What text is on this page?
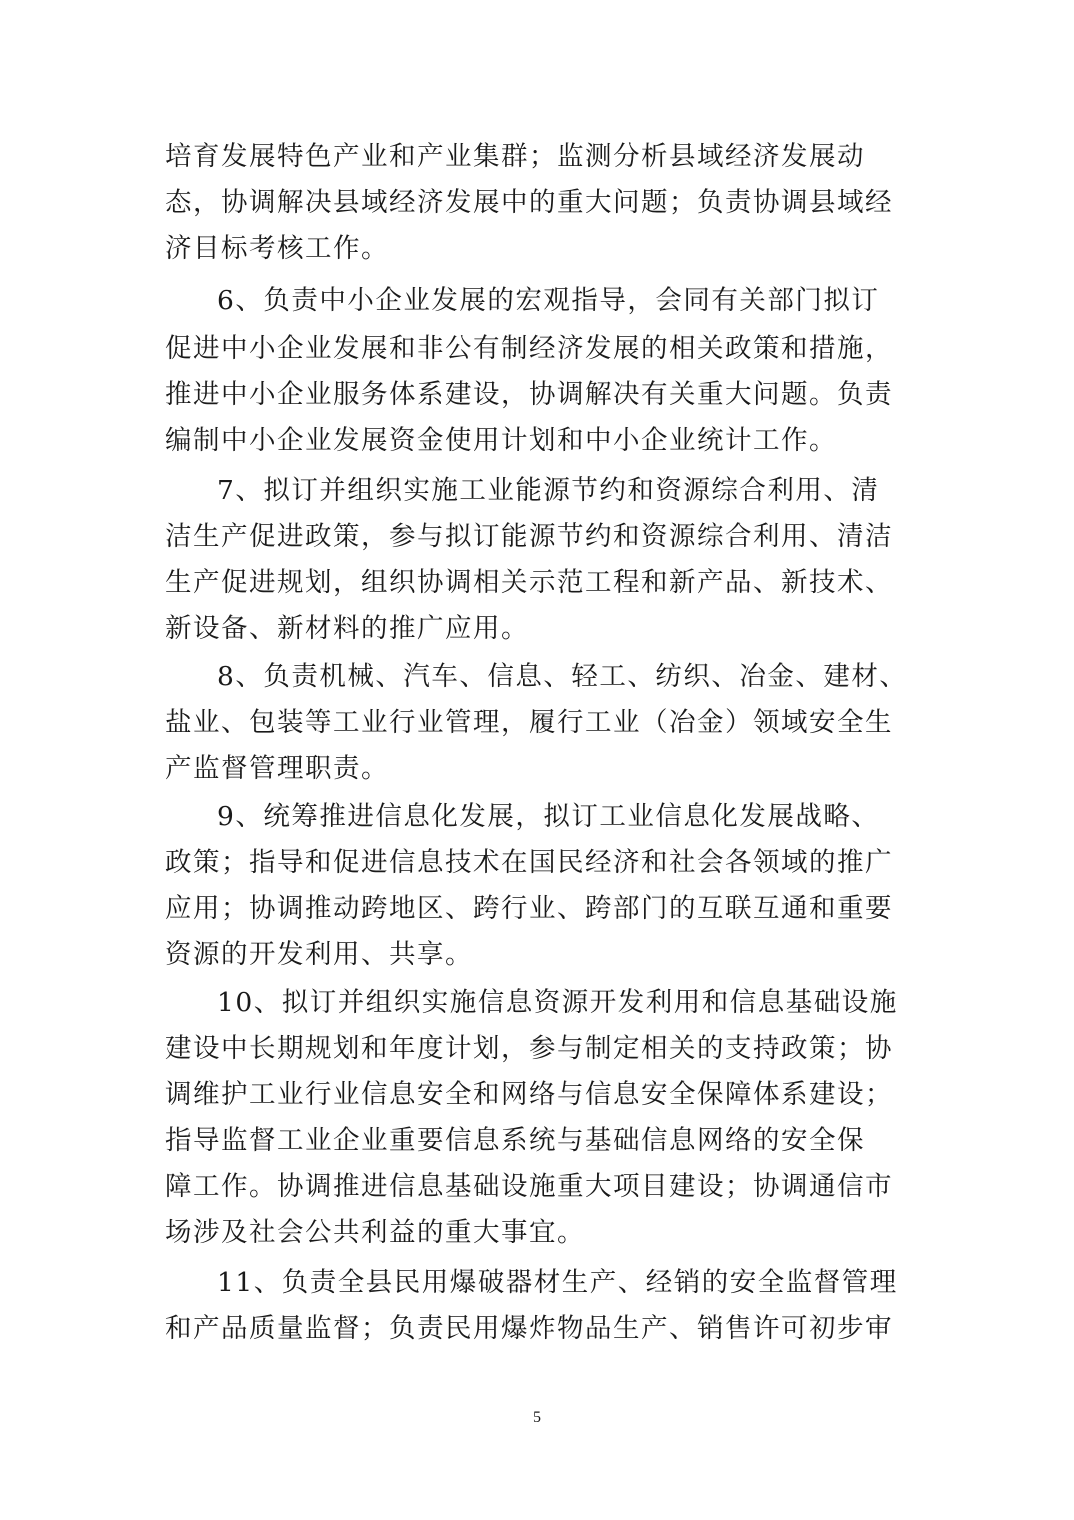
培育发展特色产业和产业集群；监测分析县域经济发展动
态，协调解决县域经济发展中的重大问题；负责协调县域经
济目标考核工作。
6、负责中小企业发展的宏观指导，会同有关部门拟订
促进中小企业发展和非公有制经济发展的相关政策和措施，
推进中小企业服务体系建设，协调解决有关重大问题。负责
编制中小企业发展资金使用计划和中小企业统计工作。
7、拟订并组织实施工业能源节约和资源综合利用、清
洁生产促进政策，参与拟订能源节约和资源综合利用、清洁
生产促进规划，组织协调相关示范工程和新产品、新技术、
新设备、新材料的推广应用。
8、负责机械、汽车、信息、轻工、纺织、冶金、建材、
盐业、包装等工业行业管理，履行工业（冶金）领域安全生
产监督管理职责。
9、统筹推进信息化发展，拟订工业信息化发展战略、
政策；指导和促进信息技术在国民经济和社会各领域的推广
应用；协调推动跨地区、跨行业、跨部门的互联互通和重要
资源的开发利用、共享。
10、拟订并组织实施信息资源开发利用和信息基础设施
建设中长期规划和年度计划，参与制定相关的支持政策；协
调维护工业行业信息安全和网络与信息安全保障体系建设；
指导监督工业企业重要信息系统与基础信息网络的安全保
障工作。协调推进信息基础设施重大项目建设；协调通信市
场涉及社会公共利益的重大事宜。
11、负责全县民用爆破器材生产、经销的安全监督管理
和产品质量监督；负责民用爆炸物品生产、销售许可初步审
5
